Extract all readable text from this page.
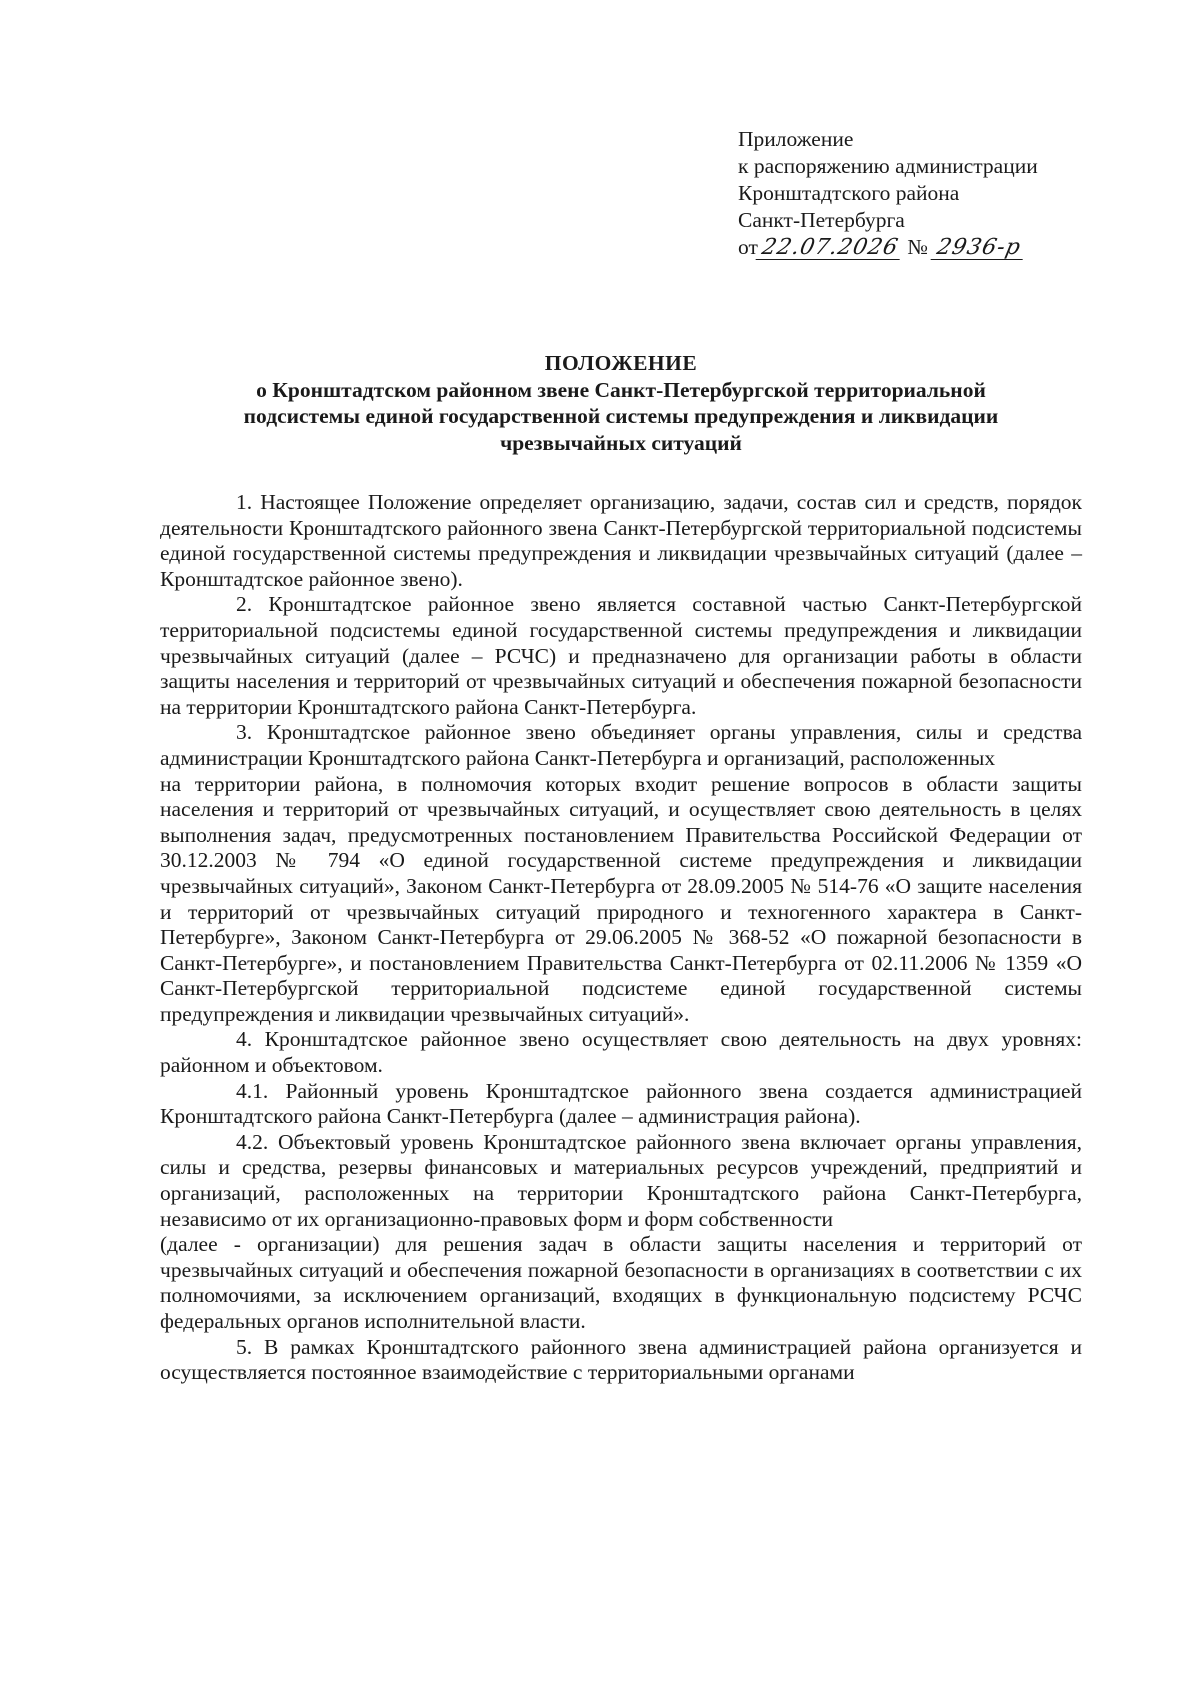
Приложение
к распоряжению администрации
Кронштадтского района
Санкт-Петербурга
от22.07.2026 № 2936-р
ПОЛОЖЕНИЕ
о Кронштадтском районном звене Санкт-Петербургской территориальной
подсистемы единой государственной системы предупреждения и ликвидации
чрезвычайных ситуаций

1. Настоящее Положение определяет организацию, задачи, состав сил и средств, порядок деятельности Кронштадтского районного звена Санкт-Петербургской территориальной подсистемы единой государственной системы предупреждения и ликвидации чрезвычайных ситуаций (далее – Кронштадтское районное звено).

2. Кронштадтское районное звено является составной частью Санкт-Петербургской территориальной подсистемы единой государственной системы предупреждения и ликвидации чрезвычайных ситуаций (далее – РСЧС) и предназначено для организации работы в области защиты населения и территорий от чрезвычайных ситуаций и обеспечения пожарной безопасности на территории Кронштадтского района Санкт-Петербурга.

3. Кронштадтское районное звено объединяет органы управления, силы и средства администрации Кронштадтского района Санкт-Петербурга и организаций, расположенных

на территории района, в полномочия которых входит решение вопросов в области защиты населения и территорий от чрезвычайных ситуаций, и осуществляет свою деятельность в целях выполнения задач, предусмотренных постановлением Правительства Российской Федерации от 30.12.2003 № 794 «О единой государственной системе предупреждения и ликвидации чрезвычайных ситуаций», Законом Санкт-Петербурга от 28.09.2005 № 514-76 «О защите населения и территорий от чрезвычайных ситуаций природного и техногенного характера в Санкт-Петербурге», Законом Санкт-Петербурга от 29.06.2005 № 368-52 «О пожарной безопасности в Санкт-Петербурге», и постановлением Правительства Санкт-Петербурга от 02.11.2006 № 1359 «О Санкт-Петербургской территориальной подсистеме единой государственной системы предупреждения и ликвидации чрезвычайных ситуаций».

4. Кронштадтское районное звено осуществляет свою деятельность на двух уровнях: районном и объектовом.

4.1. Районный уровень Кронштадтское районного звена создается администрацией Кронштадтского района Санкт-Петербурга (далее – администрация района).

4.2. Объектовый уровень Кронштадтское районного звена включает органы управления, силы и средства, резервы финансовых и материальных ресурсов учреждений, предприятий и организаций, расположенных на территории Кронштадтского района Санкт-Петербурга, независимо от их организационно-правовых форм и форм собственности

(далее - организации) для решения задач в области защиты населения и территорий от чрезвычайных ситуаций и обеспечения пожарной безопасности в организациях в соответствии с их полномочиями, за исключением организаций, входящих в функциональную подсистему РСЧС федеральных органов исполнительной власти.

5. В рамках Кронштадтского районного звена администрацией района организуется и осуществляется постоянное взаимодействие с территориальными органами
